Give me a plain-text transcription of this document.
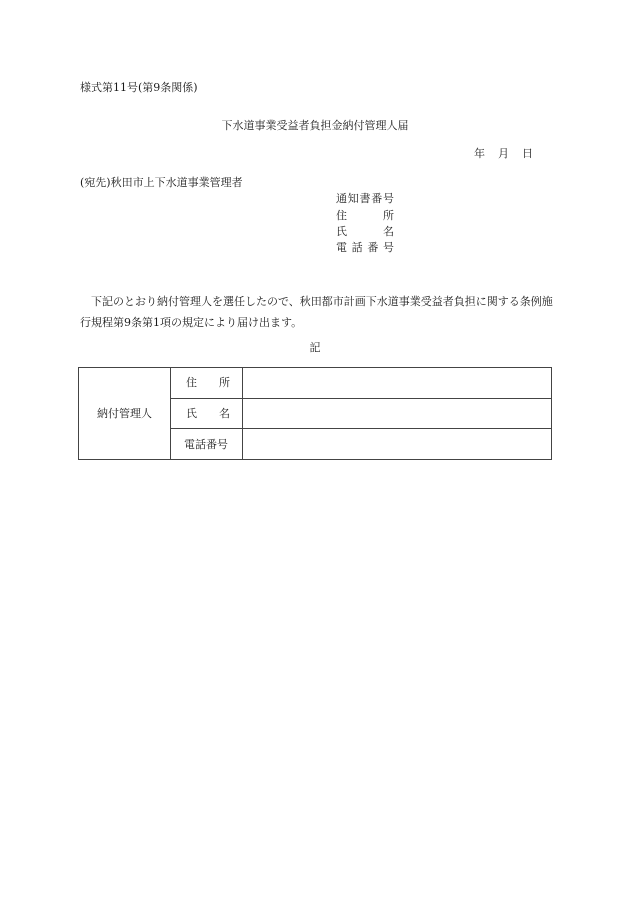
様式第11号(第9条関係)
下水道事業受益者負担金納付管理人届
年 月 日
(宛先)秋田市上下水道事業管理者
通 知 書 番 号
住	所
氏	名
電 話 番 号
下記のとおり納付管理人を選任したので、秋田都市計画下水道事業受益者負担に関する条例施行規程第9条第1項の規定により届け出ます。
記
納付管理人	住 所	

	氏 名	

	電話番号	
